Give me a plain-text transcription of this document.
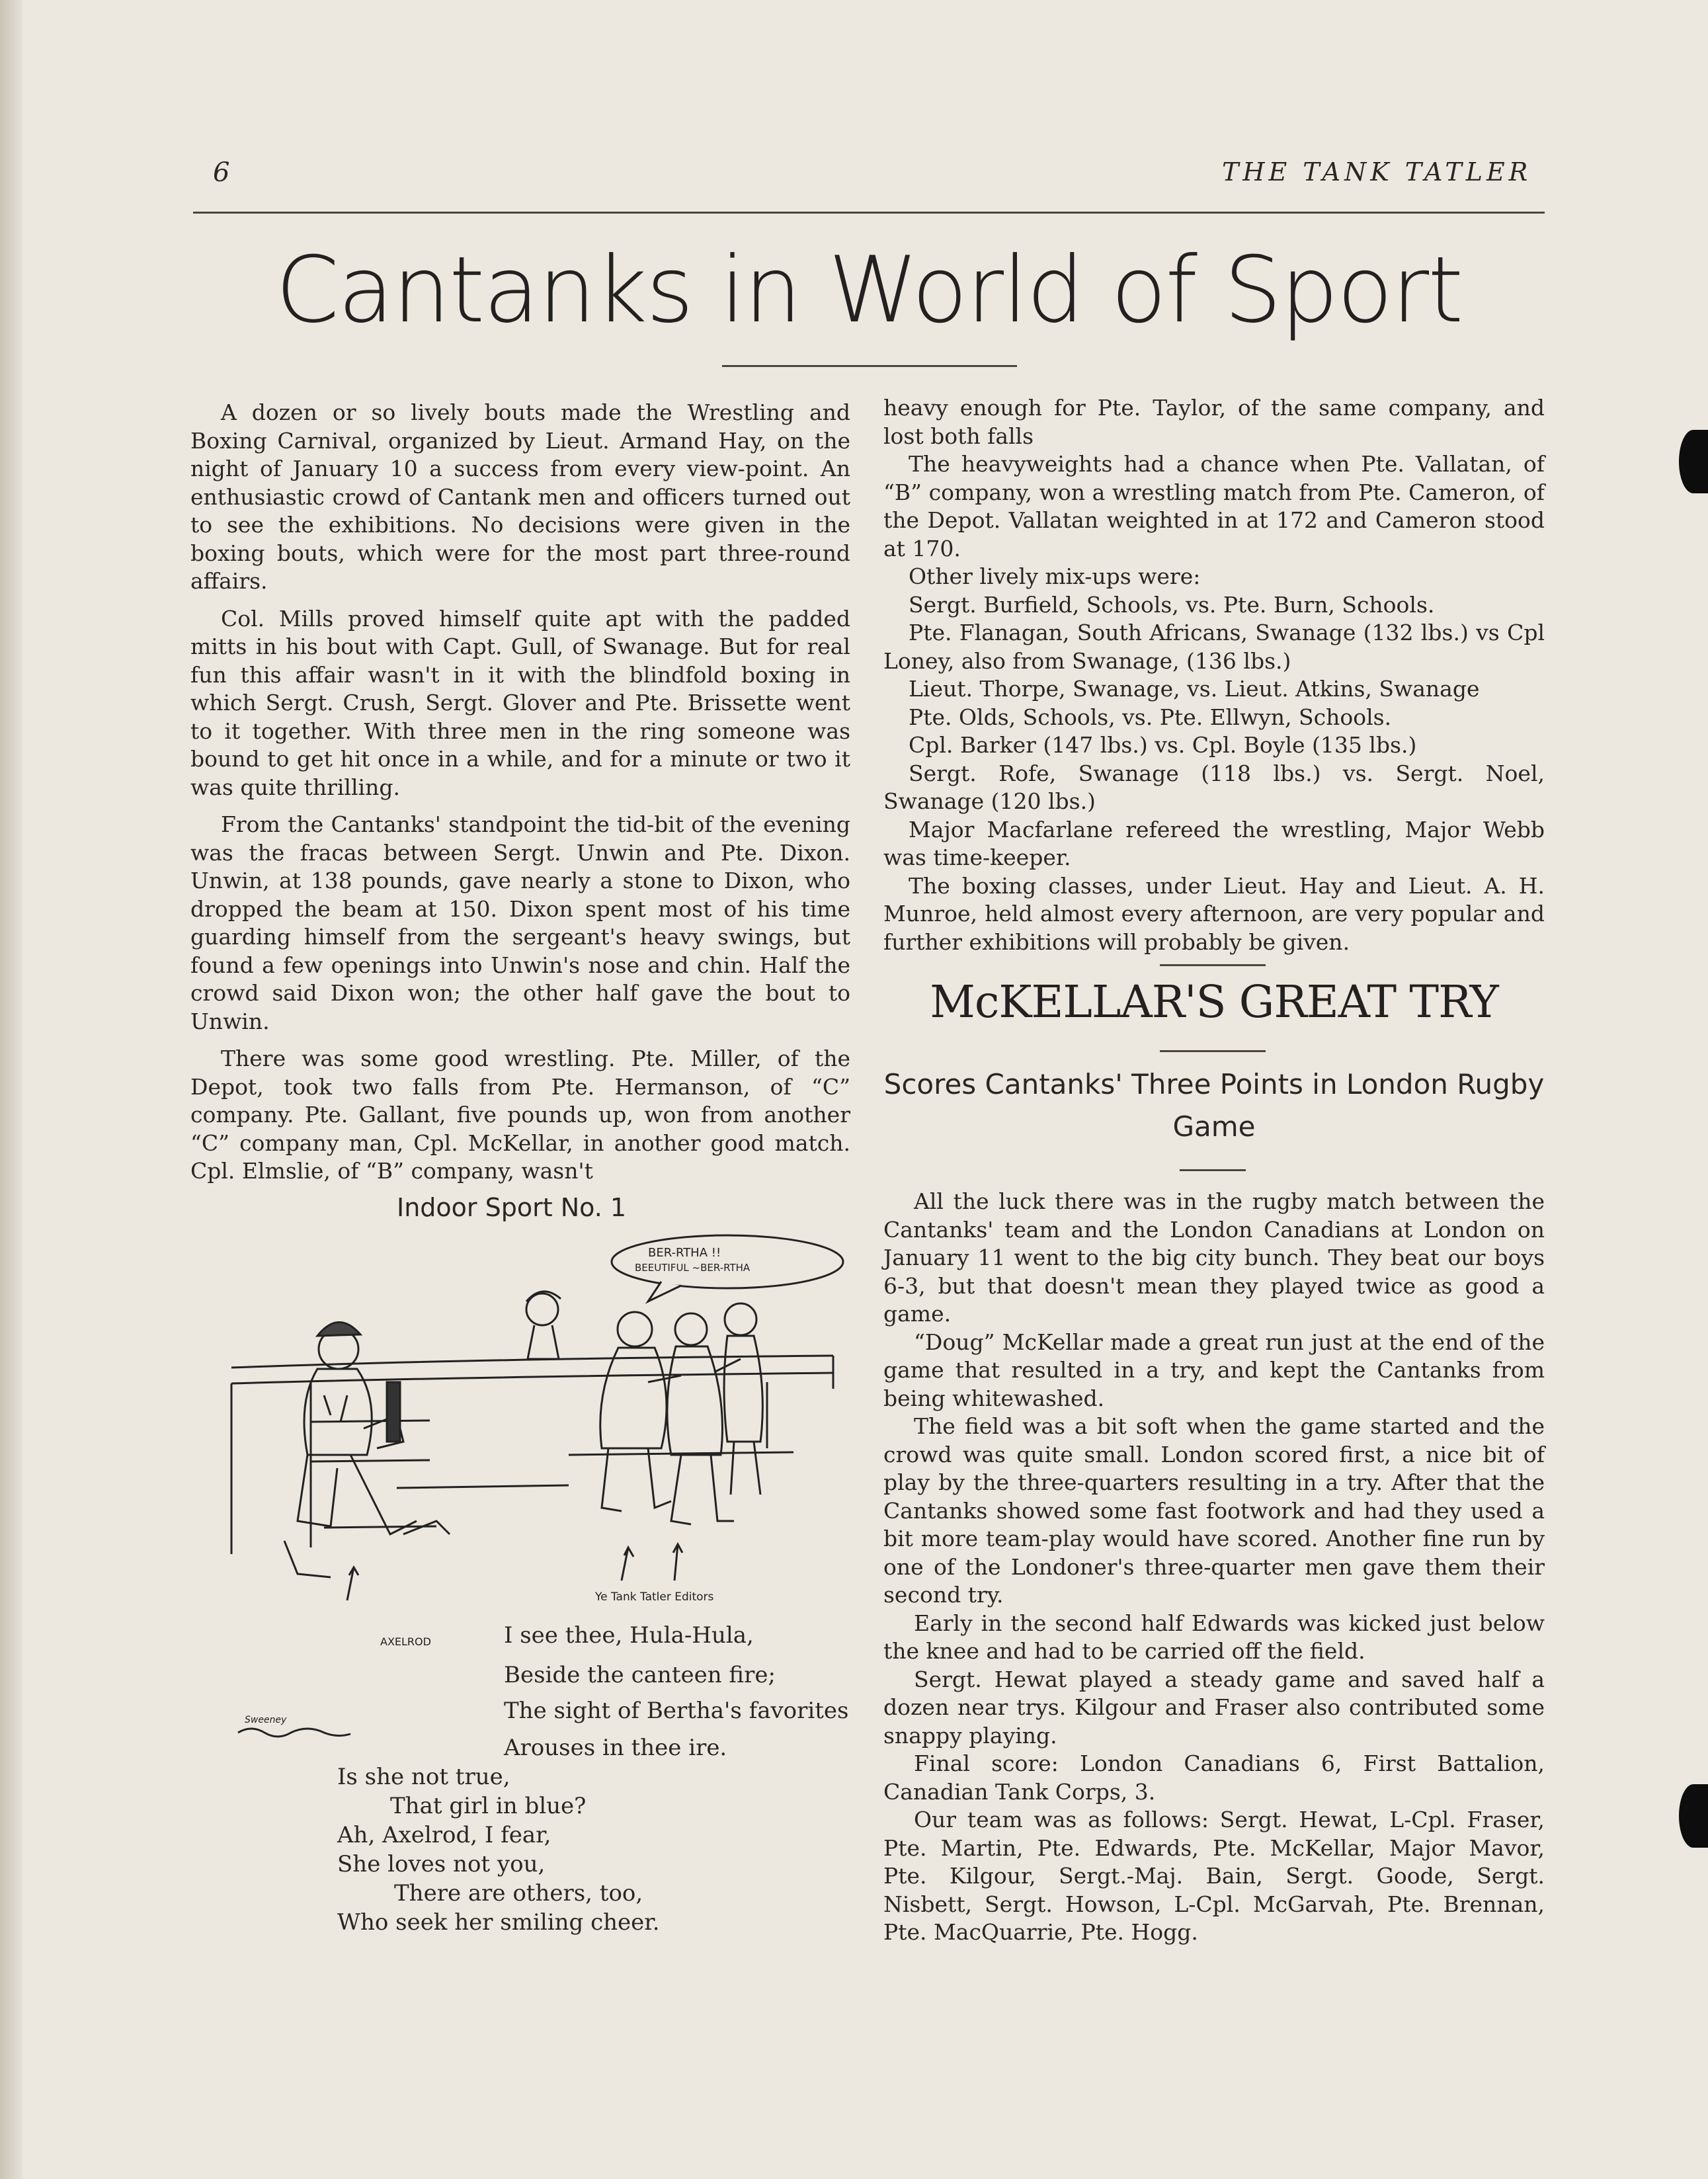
6	THE TANK TATLER
Cantanks in World of Sport

A dozen or so lively bouts made the Wrestling and Boxing Carnival, organized by Lieut. Armand Hay, on the night of January 10 a success from every view-point. An enthusiastic crowd of Cantank men and officers turned out to see the exhibitions. No decisions were given in the boxing bouts, which were for the most part three-round affairs.

Col. Mills proved himself quite apt with the padded mitts in his bout with Capt. Gull, of Swanage. But for real fun this affair wasn't in it with the blindfold boxing in which Sergt. Crush, Sergt. Glover and Pte. Brissette went to it together. With three men in the ring someone was bound to get hit once in a while, and for a minute or two it was quite thrilling.

From the Cantanks' standpoint the tid-bit of the evening was the fracas between Sergt. Unwin and Pte. Dixon. Unwin, at 138 pounds, gave nearly a stone to Dixon, who dropped the beam at 150. Dixon spent most of his time guarding himself from the sergeant's heavy swings, but found a few openings into Unwin's nose and chin. Half the crowd said Dixon won; the other half gave the bout to Unwin.

There was some good wrestling. Pte. Miller, of the Depot, took two falls from Pte. Hermanson, of “C” company. Pte. Gallant, five pounds up, won from another “C” company man, Cpl. McKellar, in another good match. Cpl. Elmslie, of “B” company, wasn't

heavy enough for Pte. Taylor, of the same company, and lost both falls

The heavyweights had a chance when Pte. Vallatan, of “B” company, won a wrestling match from Pte. Cameron, of the Depot. Vallatan weighted in at 172 and Cameron stood at 170.

Other lively mix-ups were:

Sergt. Burfield, Schools, vs. Pte. Burn, Schools.

Pte. Flanagan, South Africans, Swanage (132 lbs.) vs Cpl Loney, also from Swanage, (136 lbs.)

Lieut. Thorpe, Swanage, vs. Lieut. Atkins, Swanage

Pte. Olds, Schools, vs. Pte. Ellwyn, Schools.

Cpl. Barker (147 lbs.) vs. Cpl. Boyle (135 lbs.)

Sergt. Rofe, Swanage (118 lbs.) vs. Sergt. Noel, Swanage (120 lbs.)

Major Macfarlane refereed the wrestling, Major Webb was time-keeper.

The boxing classes, under Lieut. Hay and Lieut. A. H. Munroe, held almost every afternoon, are very popular and further exhibitions will probably be given.

McKELLAR'S GREAT TRY
Scores Cantanks' Three Points in London Rugby Game

All the luck there was in the rugby match between the Cantanks' team and the London Canadians at London on January 11 went to the big city bunch. They beat our boys 6-3, but that doesn't mean they played twice as good a game.

“Doug” McKellar made a great run just at the end of the game that resulted in a try, and kept the Cantanks from being whitewashed.

The field was a bit soft when the game started and the crowd was quite small. London scored first, a nice bit of play by the three-quarters resulting in a try. After that the Cantanks showed some fast footwork and had they used a bit more team-play would have scored. Another fine run by one of the Londoner's three-quarter men gave them their second try.

Early in the second half Edwards was kicked just below the knee and had to be carried off the field.

Sergt. Hewat played a steady game and saved half a dozen near trys. Kilgour and Fraser also contributed some snappy playing.

Final score: London Canadians 6, First Battalion, Canadian Tank Corps, 3.

Our team was as follows: Sergt. Hewat, L-Cpl. Fraser, Pte. Martin, Pte. Edwards, Pte. McKellar, Major Mavor, Pte. Kilgour, Sergt.-Maj. Bain, Sergt. Goode, Sergt. Nisbett, Sergt. Howson, L-Cpl. McGarvah, Pte. Brennan, Pte. MacQuarrie, Pte. Hogg.

Indoor Sport No. 1
BER-RTHA !!
BEEUTIFUL ~BER-RTHA
Ye Tank Tatler Editors
AXELROD
Sweeney
I see thee, Hula-Hula,
Beside the canteen fire;
The sight of Bertha's favorites
Arouses in thee ire.
Is she not true,
That girl in blue?
Ah, Axelrod, I fear,
She loves not you,
There are others, too,
Who seek her smiling cheer.
